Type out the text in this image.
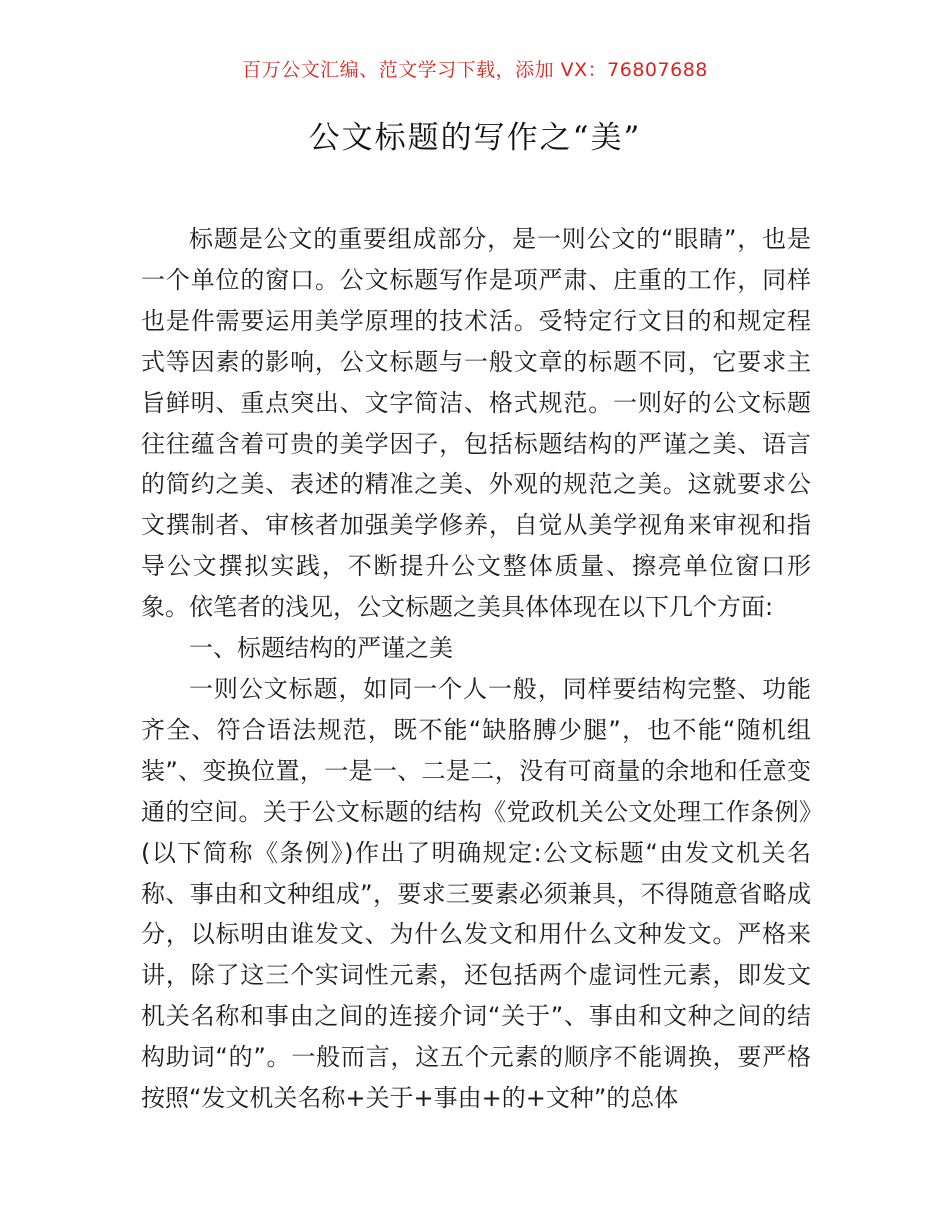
百万公文汇编、范文学习下载，添加 VX：76807688
公文标题的写作之“美”

标题是公文的重要组成部分，是一则公文的“眼睛”，也是一个单位的窗口。公文标题写作是项严肃、庄重的工作，同样也是件需要运用美学原理的技术活。受特定行文目的和规定程式等因素的影响，公文标题与一般文章的标题不同，它要求主旨鲜明、重点突出、文字简洁、格式规范。一则好的公文标题往往蕴含着可贵的美学因子，包括标题结构的严谨之美、语言的简约之美、表述的精准之美、外观的规范之美。这就要求公文撰制者、审核者加强美学修养，自觉从美学视角来审视和指导公文撰拟实践，不断提升公文整体质量、擦亮单位窗口形象。依笔者的浅见，公文标题之美具体体现在以下几个方面:

一、标题结构的严谨之美

一则公文标题，如同一个人一般，同样要结构完整、功能齐全、符合语法规范，既不能“缺胳膊少腿”，也不能“随机组装”、变换位置，一是一、二是二，没有可商量的余地和任意变通的空间。关于公文标题的结构《党政机关公文处理工作条例》(以下简称《条例》)作出了明确规定:公文标题“由发文机关名称、事由和文种组成”，要求三要素必须兼具，不得随意省略成分，以标明由谁发文、为什么发文和用什么文种发文。严格来讲，除了这三个实词性元素，还包括两个虚词性元素，即发文机关名称和事由之间的连接介词“关于”、事由和文种之间的结构助词“的”。一般而言，这五个元素的顺序不能调换，要严格按照“发文机关名称+关于+事由+的+文种”的总体
